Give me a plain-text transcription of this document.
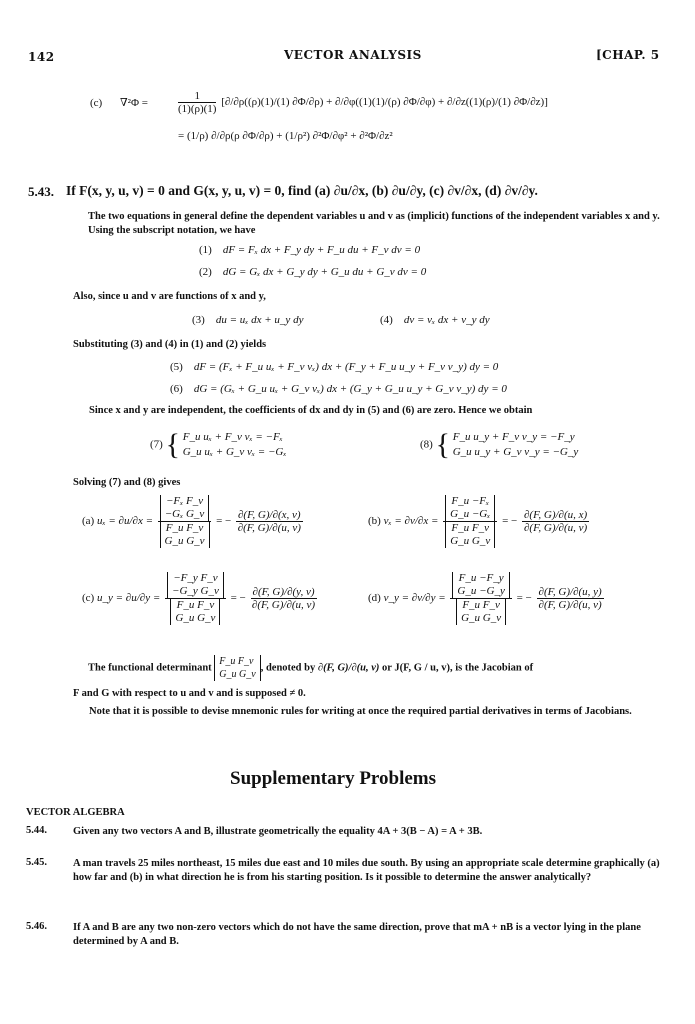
142	VECTOR ANALYSIS	[CHAP. 5
(c) ∇²Φ =	$\frac{1}{(1)(\rho)(1)} [\partial/\partial\rho((\rho)(1)/(1) \partial\Phi/\partial\rho) + \partial/\partial\varphi((1)(1)/(\rho) \partial\Phi/\partial\varphi) + \partial/\partial z((1)(\rho)/(1)$ ∂Φ/∂z)]
= (1/ρ) ∂/∂ρ(ρ ∂Φ/∂ρ) + (1/ρ²) ∂²Φ/∂φ² + ∂²Φ/∂z²
5.43. If F(x, y, u, v) = 0 and G(x, y, u, v) = 0, find (a) ∂u/∂x, (b) ∂u/∂y, (c) ∂v/∂x, (d) ∂v/∂y.
The two equations in general define the dependent variables u and v as (implicit) functions of the independent variables x and y. Using the subscript notation, we have
(1) dF = Fₓ dx + F_y dy + F_u du + F_v dv = 0
(2) dG = Gₓ dx + G_y dy + G_u du + G_v dv = 0
Also, since u and v are functions of x and y,
(3) du = uₓ dx + u_y dy	(4) dv = vₓ dx + v_y dy
Substituting (3) and (4) in (1) and (2) yields
(5) dF = (Fₓ + F_u uₓ + F_v vₓ) dx + (F_y + F_u u_y + F_v v_y) dy = 0
(6) dG = (Gₓ + G_u uₓ + G_v vₓ) dx + (G_y + G_u u_y + G_v v_y) dy = 0
Since x and y are independent, the coefficients of dx and dy in (5) and (6) are zero. Hence we obtain
(7) { F_u uₓ + F_v vₓ = −Fₓ
G_u uₓ + G_v vₓ = −Gₓ
(8) { F_u u_y + F_v v_y = −F_y
G_u u_y + G_v v_y = −G_y
Solving (7) and (8) gives
(a) uₓ = ∂u/∂x = −Fₓ F_v
−Gₓ G_v
F_u F_v
G_u G_v = − $\frac{\partial(F, G)/\partial(x, v)}{\partial(F, G)/\partial(u, v)}$	(b) vₓ = ∂v/∂x = F_u −Fₓ
G_u −Gₓ
F_u F_v
G_u G_v = − $\frac{\partial(F, G)/\partial(u, x)}{\partial(F, G)/\partial(u, v)}$
(c) u_y = ∂u/∂y = −F_y F_v
−G_y G_v
F_u F_v
G_u G_v = − $\frac{\partial(F, G)/\partial(y, v)}{\partial(F, G)/\partial(u, v)}$	(d) v_y = ∂v/∂y = F_u −F_y
G_u −G_y
F_u F_v
G_u G_v = − $\frac{\partial(F, G)/\partial(u, y)}{\partial(F, G)/\partial(u, v)}$
The functional determinant
F_u F_v
G_u G_v
, denoted by ∂(F, G)/∂(u, v) or J(F, G / u, v), is the Jacobian of
F and G with respect to u and v and is supposed ≠ 0.
Note that it is possible to devise mnemonic rules for writing at once the required partial derivatives in terms of Jacobians.
Supplementary Problems
VECTOR ALGEBRA
5.44. Given any two vectors A and B, illustrate geometrically the equality 4A + 3(B − A) = A + 3B.
5.45. A man travels 25 miles northeast, 15 miles due east and 10 miles due south. By using an appropriate scale determine graphically (a) how far and (b) in what direction he is from his starting position. Is it possible to determine the answer analytically?
5.46. If A and B are any two non-zero vectors which do not have the same direction, prove that mA + nB is a vector lying in the plane determined by A and B.
